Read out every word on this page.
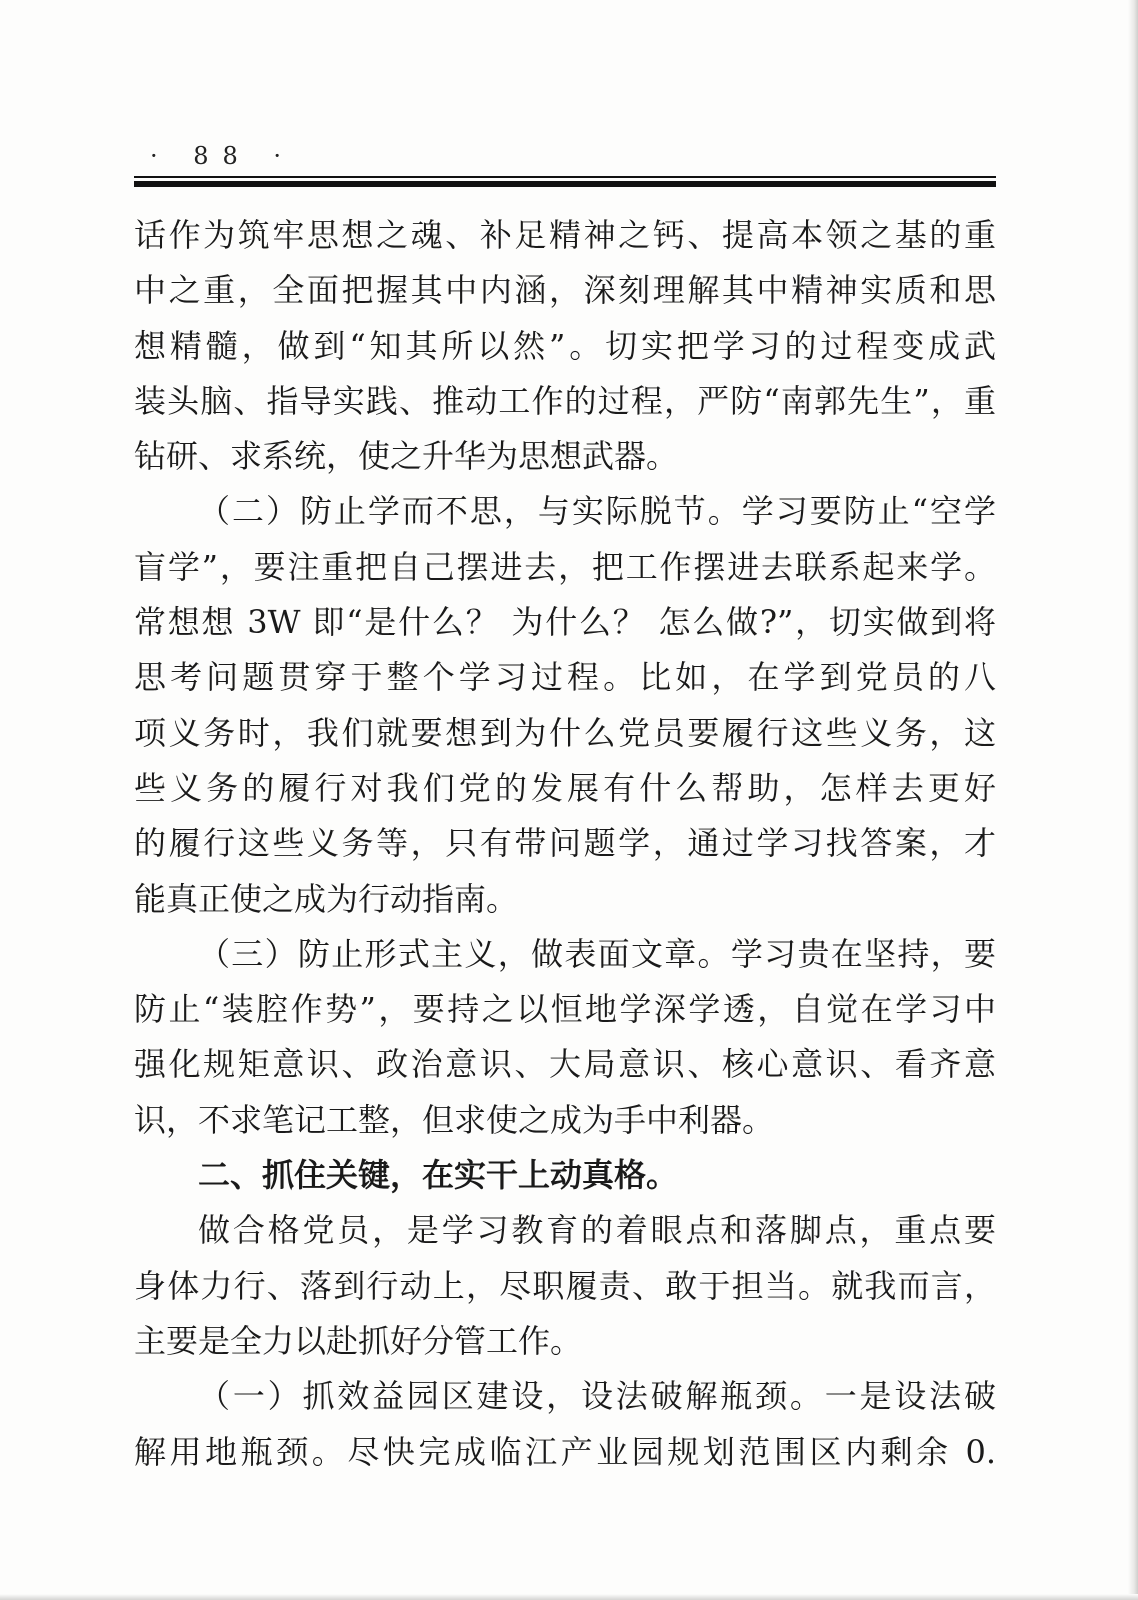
· 88 ·
话作为筑牢思想之魂、补足精神之钙、提高本领之基的重
中之重，全面把握其中内涵，深刻理解其中精神实质和思
想精髓，做到“知其所以然”。切实把学习的过程变成武
装头脑、指导实践、推动工作的过程，严防“南郭先生”，重
钻研、求系统，使之升华为思想武器。
（二）防止学而不思，与实际脱节。学习要防止“空学
盲学”，要注重把自己摆进去，把工作摆进去联系起来学。
常想想 3W 即“是什么？ 为什么？ 怎么做?”，切实做到将
思考问题贯穿于整个学习过程。比如，在学到党员的八
项义务时，我们就要想到为什么党员要履行这些义务，这
些义务的履行对我们党的发展有什么帮助，怎样去更好
的履行这些义务等，只有带问题学，通过学习找答案，才
能真正使之成为行动指南。
（三）防止形式主义，做表面文章。学习贵在坚持，要
防止“装腔作势”，要持之以恒地学深学透，自觉在学习中
强化规矩意识、政治意识、大局意识、核心意识、看齐意
识，不求笔记工整，但求使之成为手中利器。
二、抓住关键，在实干上动真格。
做合格党员，是学习教育的着眼点和落脚点，重点要
身体力行、落到行动上，尽职履责、敢于担当。就我而言，
主要是全力以赴抓好分管工作。
（一）抓效益园区建设，设法破解瓶颈。一是设法破
解用地瓶颈。尽快完成临江产业园规划范围区内剩余 0.
